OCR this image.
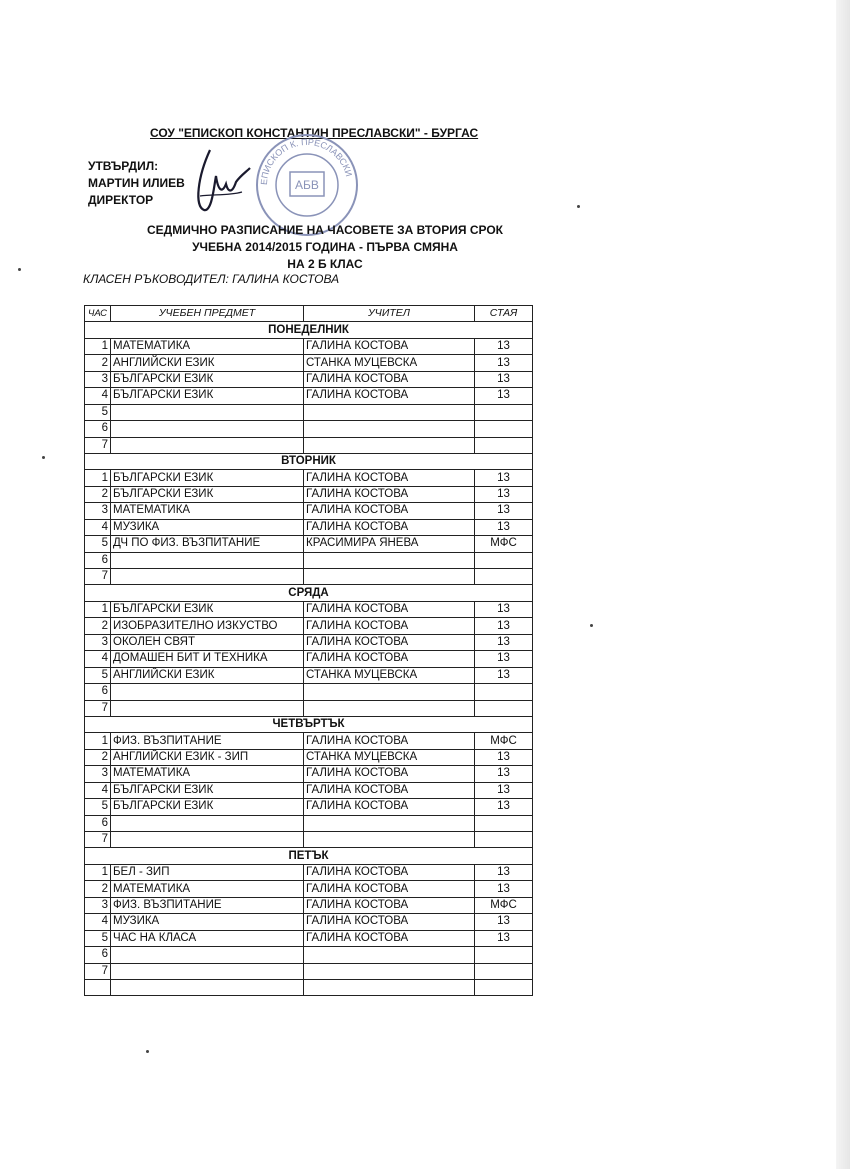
СОУ "ЕПИСКОП КОНСТАНТИН ПРЕСЛАВСКИ" - БУРГАС
УТВЪРДИЛ:
МАРТИН ИЛИЕВ
ДИРЕКТОР
ЕПИСКОП К. ПРЕСЛАВСКИ
АБВ
СЕДМИЧНО РАЗПИСАНИЕ НА ЧАСОВЕТЕ ЗА ВТОРИЯ СРОК
УЧЕБНА 2014/2015 ГОДИНА - ПЪРВА СМЯНА
НА 2 Б КЛАС
КЛАСЕН РЪКОВОДИТЕЛ: ГАЛИНА КОСТОВА
ЧАС	УЧЕБЕН ПРЕДМЕТ	УЧИТЕЛ	СТАЯ
ПОНЕДЕЛНИК			
1	МАТЕМАТИКА	ГАЛИНА КОСТОВА	13
2	АНГЛИЙСКИ ЕЗИК	СТАНКА МУЦЕВСКА	13
3	БЪЛГАРСКИ ЕЗИК	ГАЛИНА КОСТОВА	13
4	БЪЛГАРСКИ ЕЗИК	ГАЛИНА КОСТОВА	13
5			
6			
7			
ВТОРНИК			
1	БЪЛГАРСКИ ЕЗИК	ГАЛИНА КОСТОВА	13
2	БЪЛГАРСКИ ЕЗИК	ГАЛИНА КОСТОВА	13
3	МАТЕМАТИКА	ГАЛИНА КОСТОВА	13
4	МУЗИКА	ГАЛИНА КОСТОВА	13
5	ДЧ ПО ФИЗ. ВЪЗПИТАНИЕ	КРАСИМИРА ЯНЕВА	МФС
6			
7			
СРЯДА			
1	БЪЛГАРСКИ ЕЗИК	ГАЛИНА КОСТОВА	13
2	ИЗОБРАЗИТЕЛНО ИЗКУСТВО	ГАЛИНА КОСТОВА	13
3	ОКОЛЕН СВЯТ	ГАЛИНА КОСТОВА	13
4	ДОМАШЕН БИТ И ТЕХНИКА	ГАЛИНА КОСТОВА	13
5	АНГЛИЙСКИ ЕЗИК	СТАНКА МУЦЕВСКА	13
6			
7			
ЧЕТВЪРТЪК			
1	ФИЗ. ВЪЗПИТАНИЕ	ГАЛИНА КОСТОВА	МФС
2	АНГЛИЙСКИ ЕЗИК - ЗИП	СТАНКА МУЦЕВСКА	13
3	МАТЕМАТИКА	ГАЛИНА КОСТОВА	13
4	БЪЛГАРСКИ ЕЗИК	ГАЛИНА КОСТОВА	13
5	БЪЛГАРСКИ ЕЗИК	ГАЛИНА КОСТОВА	13
6			
7			
ПЕТЪК			
1	БЕЛ - ЗИП	ГАЛИНА КОСТОВА	13
2	МАТЕМАТИКА	ГАЛИНА КОСТОВА	13
3	ФИЗ. ВЪЗПИТАНИЕ	ГАЛИНА КОСТОВА	МФС
4	МУЗИКА	ГАЛИНА КОСТОВА	13
5	ЧАС НА КЛАСА	ГАЛИНА КОСТОВА	13
6			
7			
